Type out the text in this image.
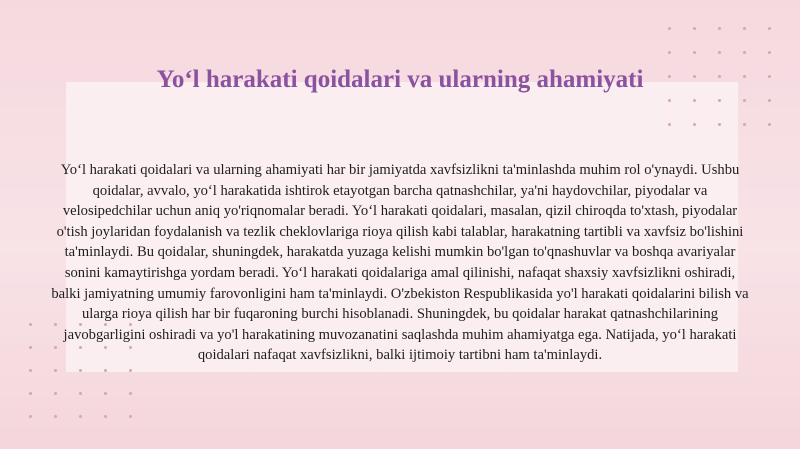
Yo‘l harakati qoidalari va ularning ahamiyati

Yo‘l harakati qoidalari va ularning ahamiyati har bir jamiyatda xavfsizlikni ta'minlashda muhim rol o'ynaydi. Ushbu qoidalar, avvalo, yo‘l harakatida ishtirok etayotgan barcha qatnashchilar, ya'ni haydovchilar, piyodalar va velosipedchilar uchun aniq yo'riqnomalar beradi. Yo‘l harakati qoidalari, masalan, qizil chiroqda to'xtash, piyodalar o'tish joylaridan foydalanish va tezlik cheklovlariga rioya qilish kabi talablar, harakatning tartibli va xavfsiz bo'lishini ta'minlaydi. Bu qoidalar, shuningdek, harakatda yuzaga kelishi mumkin bo'lgan to'qnashuvlar va boshqa avariyalar sonini kamaytirishga yordam beradi. Yo‘l harakati qoidalariga amal qilinishi, nafaqat shaxsiy xavfsizlikni oshiradi, balki jamiyatning umumiy farovonligini ham ta'minlaydi. O'zbekiston Respublikasida yo'l harakati qoidalarini bilish va ularga rioya qilish har bir fuqaroning burchi hisoblanadi. Shuningdek, bu qoidalar harakat qatnashchilarining javobgarligini oshiradi va yo'l harakatining muvozanatini saqlashda muhim ahamiyatga ega. Natijada, yo‘l harakati qoidalari nafaqat xavfsizlikni, balki ijtimoiy tartibni ham ta'minlaydi.
